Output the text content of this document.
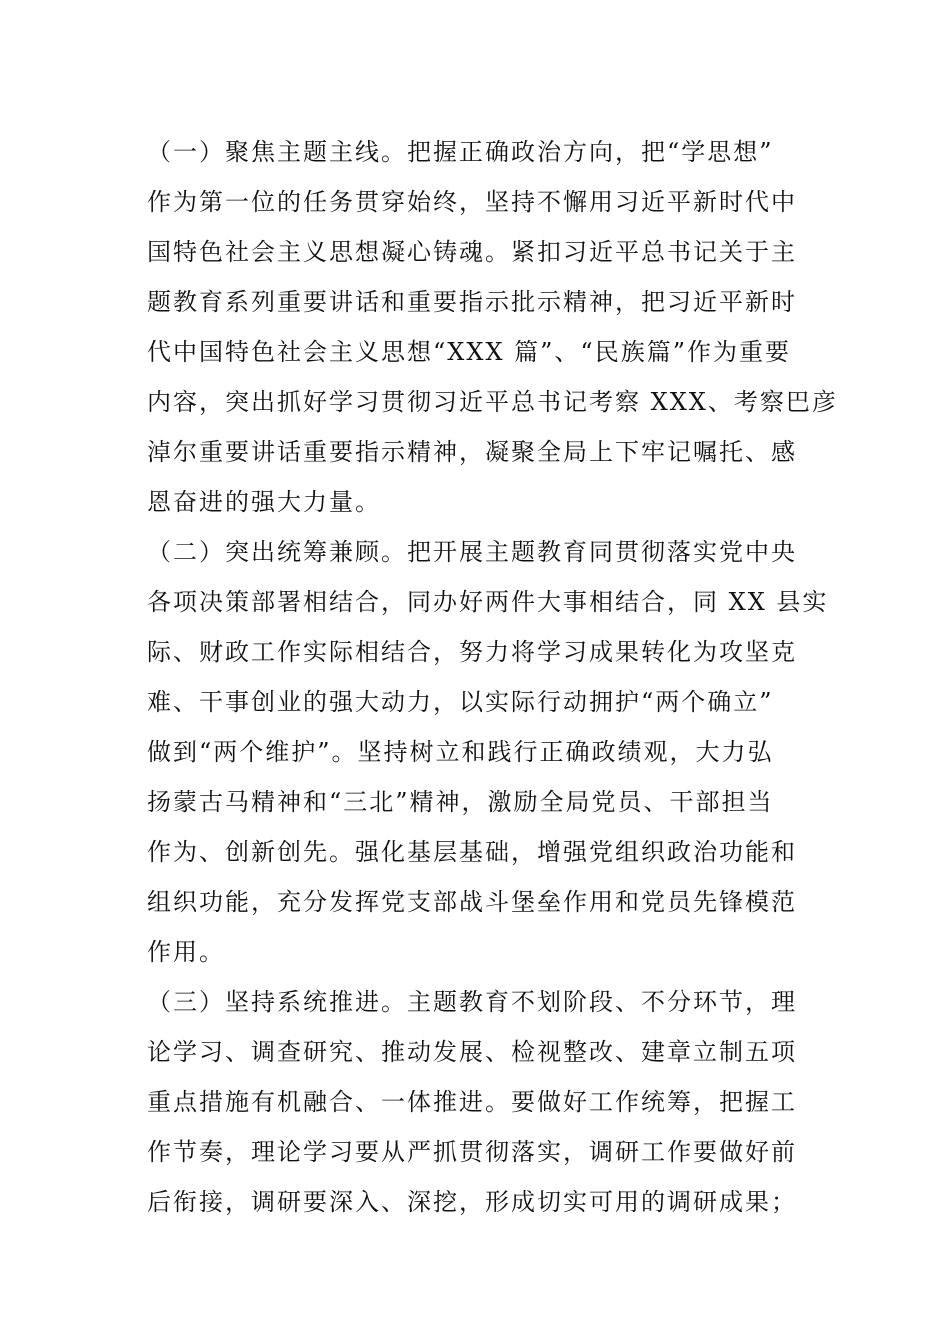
（一）聚焦主题主线。把握正确政治方向，把“学思想”
作为第一位的任务贯穿始终，坚持不懈用习近平新时代中
国特色社会主义思想凝心铸魂。紧扣习近平总书记关于主
题教育系列重要讲话和重要指示批示精神，把习近平新时
代中国特色社会主义思想“XXX 篇”、“民族篇”作为重要
内容，突出抓好学习贯彻习近平总书记考察 XXX、考察巴彦
淖尔重要讲话重要指示精神，凝聚全局上下牢记嘱托、感
恩奋进的强大力量。
（二）突出统筹兼顾。把开展主题教育同贯彻落实党中央
各项决策部署相结合，同办好两件大事相结合，同 XX 县实
际、财政工作实际相结合，努力将学习成果转化为攻坚克
难、干事创业的强大动力，以实际行动拥护“两个确立”
做到“两个维护”。坚持树立和践行正确政绩观，大力弘
扬蒙古马精神和“三北”精神，激励全局党员、干部担当
作为、创新创先。强化基层基础，增强党组织政治功能和
组织功能，充分发挥党支部战斗堡垒作用和党员先锋模范
作用。
（三）坚持系统推进。主题教育不划阶段、不分环节，理
论学习、调查研究、推动发展、检视整改、建章立制五项
重点措施有机融合、一体推进。要做好工作统筹，把握工
作节奏，理论学习要从严抓贯彻落实，调研工作要做好前
后衔接，调研要深入、深挖，形成切实可用的调研成果；
